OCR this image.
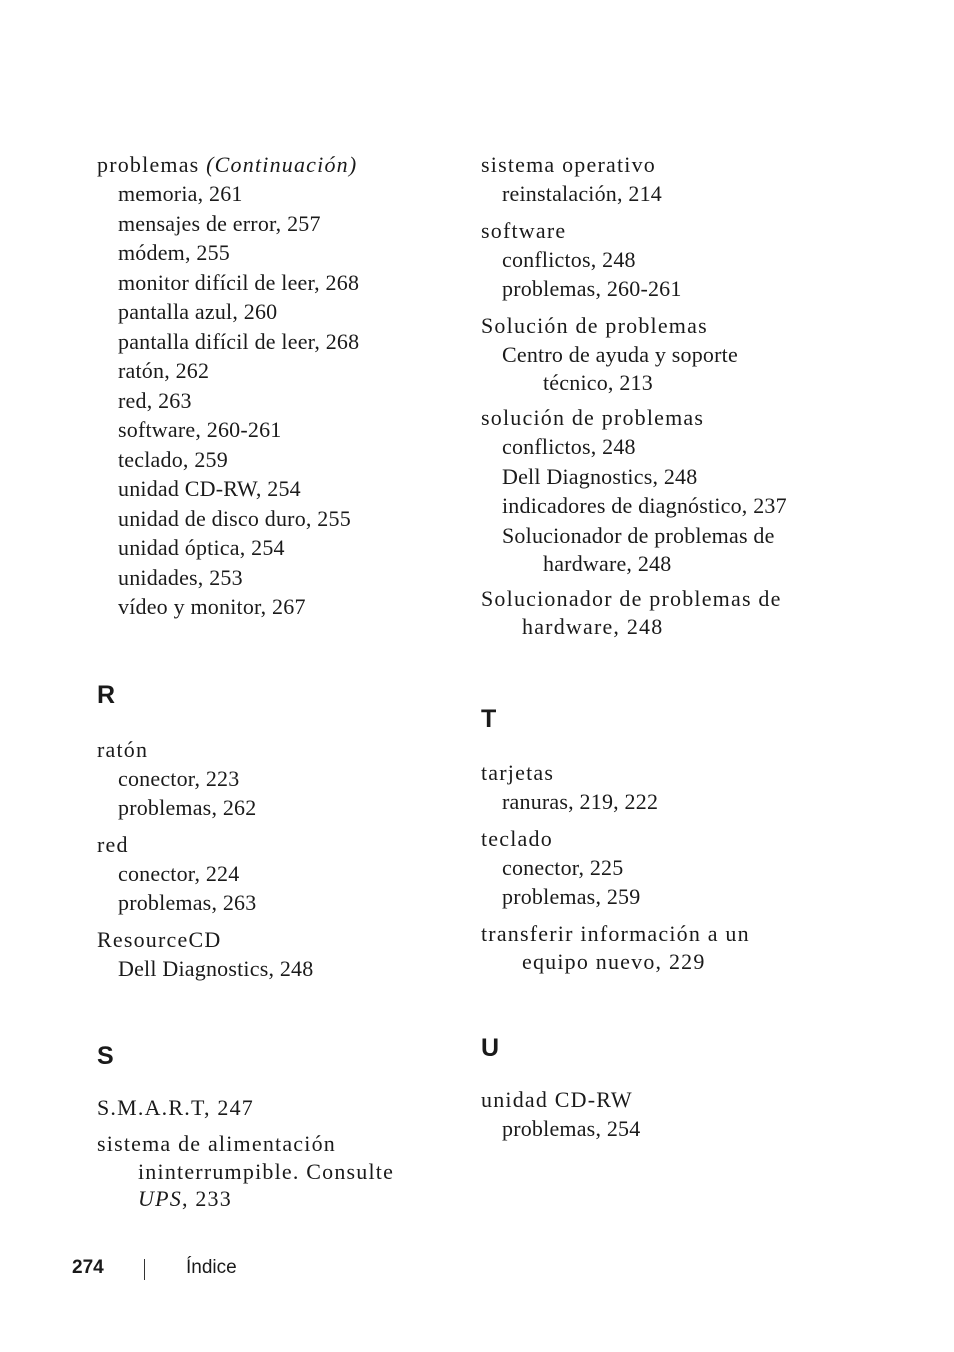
problemas (Continuación)
memoria, 261
mensajes de error, 257
módem, 255
monitor difícil de leer, 268
pantalla azul, 260
pantalla difícil de leer, 268
ratón, 262
red, 263
software, 260-261
teclado, 259
unidad CD-RW, 254
unidad de disco duro, 255
unidad óptica, 254
unidades, 253
vídeo y monitor, 267
R
ratón
conector, 223
problemas, 262
red
conector, 224
problemas, 263
ResourceCD
Dell Diagnostics, 248
S
S.M.A.R.T, 247
sistema de alimentación
ininterrumpible. Consulte
UPS, 233
sistema operativo
reinstalación, 214
software
conflictos, 248
problemas, 260-261
Solución de problemas
Centro de ayuda y soporte
técnico, 213
solución de problemas
conflictos, 248
Dell Diagnostics, 248
indicadores de diagnóstico, 237
Solucionador de problemas de
hardware, 248
Solucionador de problemas de
hardware, 248
T
tarjetas
ranuras, 219, 222
teclado
conector, 225
problemas, 259
transferir información a un
equipo nuevo, 229
U
unidad CD-RW
problemas, 254
274	Índice
